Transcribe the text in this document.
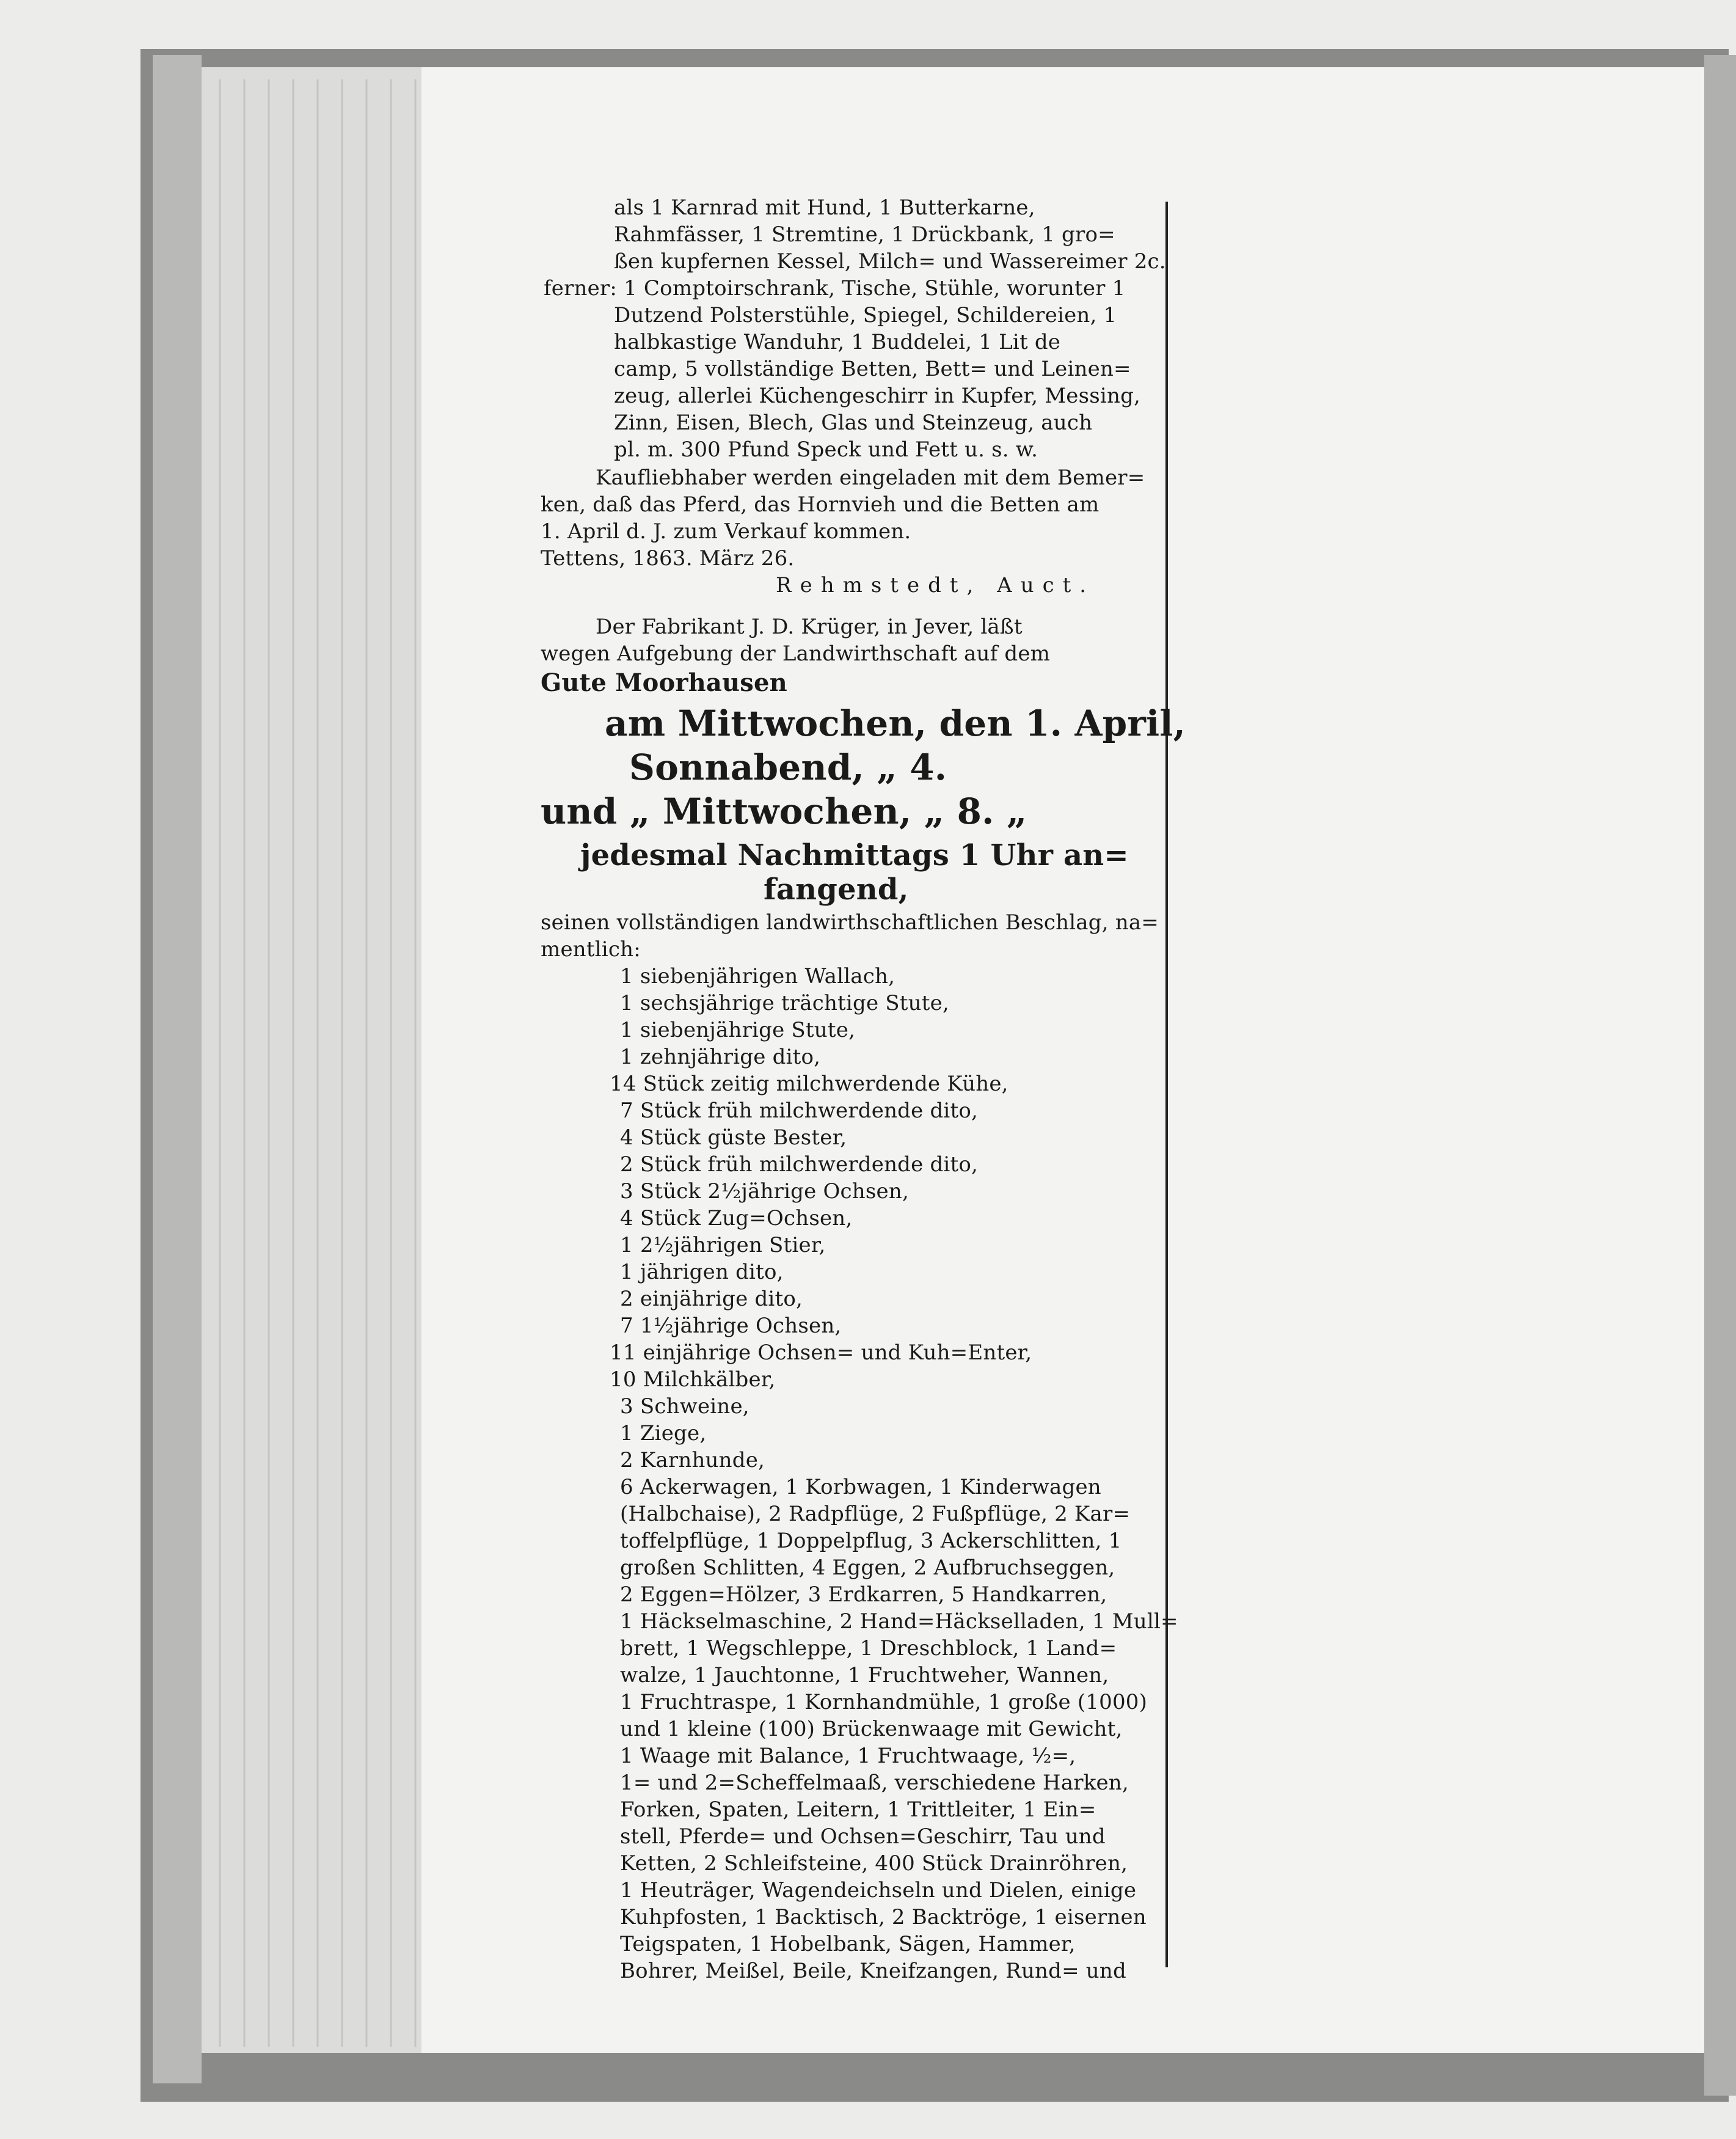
als 1 Karnrad mit Hund, 1 Butterkarne,
Rahmfässer, 1 Stremtine, 1 Drückbank, 1 gro=
ßen kupfernen Kessel, Milch= und Wassereimer 2c.
ferner: 1 Comptoirschrank, Tische, Stühle, worunter 1
Dutzend Polsterstühle, Spiegel, Schildereien, 1
halbkastige Wanduhr, 1 Buddelei, 1 Lit de
camp, 5 vollständige Betten, Bett= und Leinen=
zeug, allerlei Küchengeschirr in Kupfer, Messing,
Zinn, Eisen, Blech, Glas und Steinzeug, auch
pl. m. 300 Pfund Speck und Fett u. s. w.
Kaufliebhaber werden eingeladen mit dem Bemer=
ken, daß das Pferd, das Hornvieh und die Betten am
1. April d. J. zum Verkauf kommen.
Tettens, 1863. März 26.
Rehmstedt, Auct.
Der Fabrikant J. D. Krüger, in Jever, läßt
wegen Aufgebung der Landwirthschaft auf dem
Gute Moorhausen
am Mittwochen, den 1. April,
Sonnabend, „ 4.
und „ Mittwochen, „ 8. „
jedesmal Nachmittags 1 Uhr an=
fangend,
seinen vollständigen landwirthschaftlichen Beschlag, na=
mentlich:
1 siebenjährigen Wallach,
1 sechsjährige trächtige Stute,
1 siebenjährige Stute,
1 zehnjährige dito,
14 Stück zeitig milchwerdende Kühe,
7 Stück früh milchwerdende dito,
4 Stück güste Bester,
2 Stück früh milchwerdende dito,
3 Stück 2½jährige Ochsen,
4 Stück Zug=Ochsen,
1 2½jährigen Stier,
1 jährigen dito,
2 einjährige dito,
7 1½jährige Ochsen,
11 einjährige Ochsen= und Kuh=Enter,
10 Milchkälber,
3 Schweine,
1 Ziege,
2 Karnhunde,
6 Ackerwagen, 1 Korbwagen, 1 Kinderwagen
(Halbchaise), 2 Radpflüge, 2 Fußpflüge, 2 Kar=
toffelpflüge, 1 Doppelpflug, 3 Ackerschlitten, 1
großen Schlitten, 4 Eggen, 2 Aufbruchseggen,
2 Eggen=Hölzer, 3 Erdkarren, 5 Handkarren,
1 Häckselmaschine, 2 Hand=Häckselladen, 1 Mull=
brett, 1 Wegschleppe, 1 Dreschblock, 1 Land=
walze, 1 Jauchtonne, 1 Fruchtweher, Wannen,
1 Fruchtraspe, 1 Kornhandmühle, 1 große (1000)
und 1 kleine (100) Brückenwaage mit Gewicht,
1 Waage mit Balance, 1 Fruchtwaage, ½=,
1= und 2=Scheffelmaaß, verschiedene Harken,
Forken, Spaten, Leitern, 1 Trittleiter, 1 Ein=
stell, Pferde= und Ochsen=Geschirr, Tau und
Ketten, 2 Schleifsteine, 400 Stück Drainröhren,
1 Heuträger, Wagendeichseln und Dielen, einige
Kuhpfosten, 1 Backtisch, 2 Backtröge, 1 eisernen
Teigspaten, 1 Hobelbank, Sägen, Hammer,
Bohrer, Meißel, Beile, Kneifzangen, Rund= und
